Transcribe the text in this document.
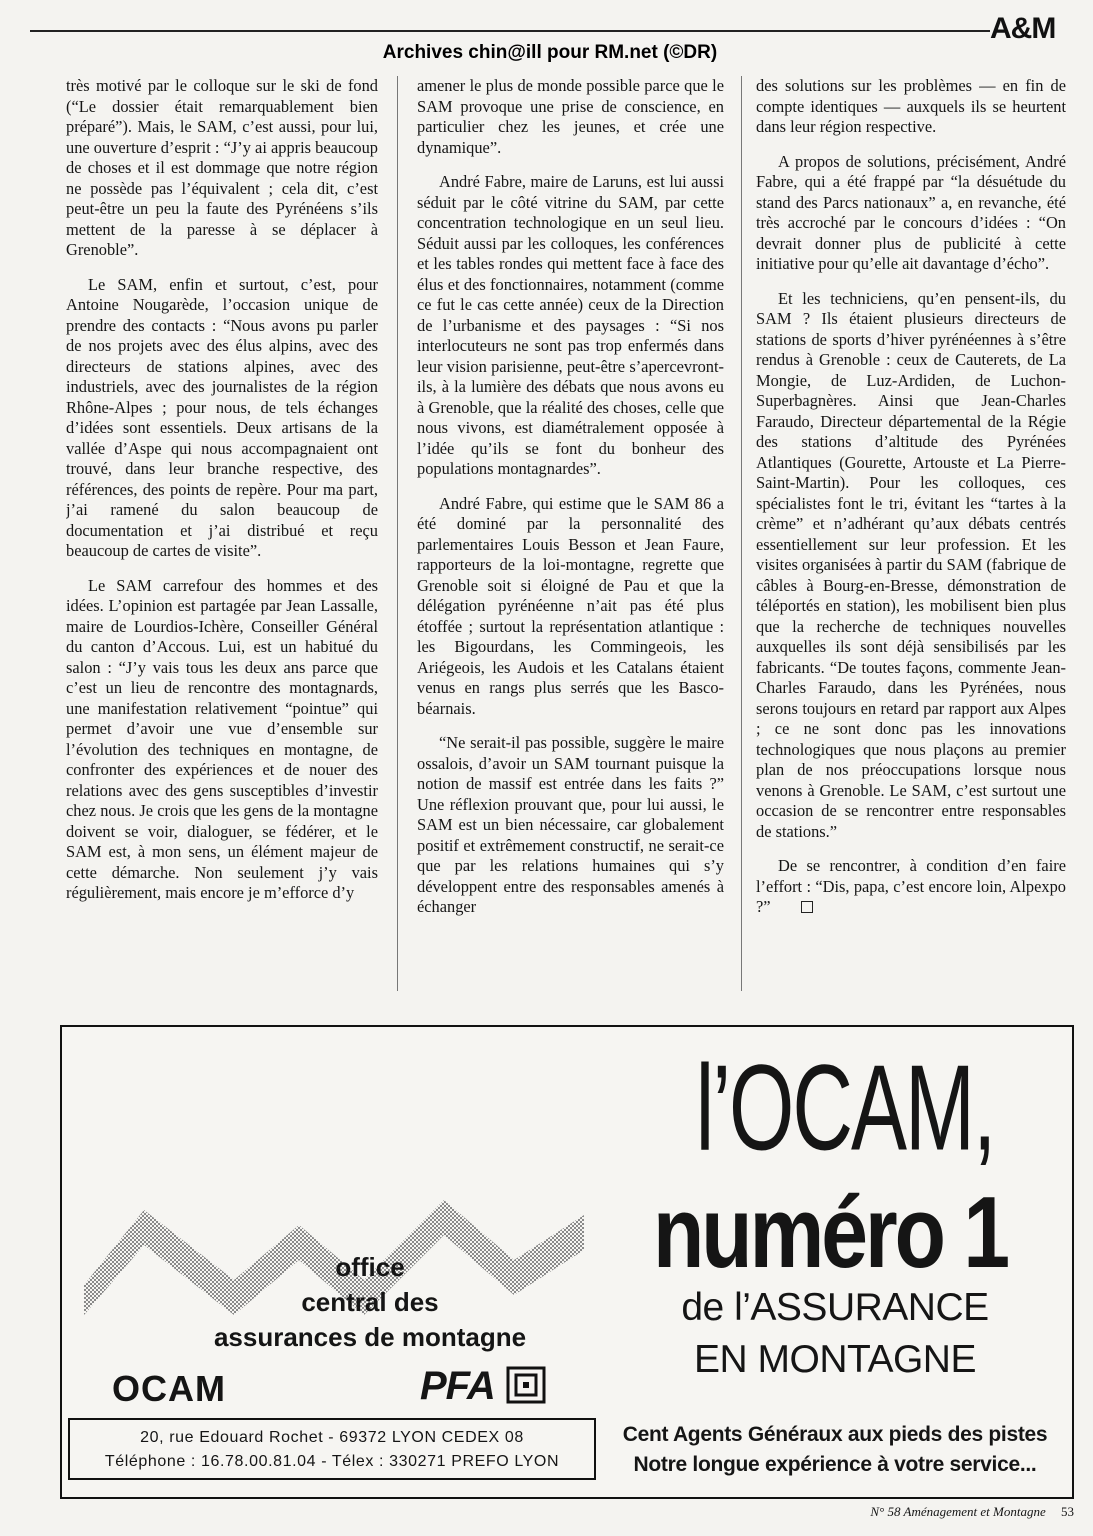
A&M
Archives chin@ill pour RM.net (©DR)

très motivé par le colloque sur le ski de fond (“Le dossier était remarquablement bien préparé”). Mais, le SAM, c’est aussi, pour lui, une ouverture d’esprit : “J’y ai appris beaucoup de choses et il est dommage que notre région ne possède pas l’équivalent ; cela dit, c’est peut-être un peu la faute des Pyrénéens s’ils mettent de la paresse à se déplacer à Grenoble”.

Le SAM, enfin et surtout, c’est, pour Antoine Nougarède, l’occasion unique de prendre des contacts : “Nous avons pu parler de nos projets avec des élus alpins, avec des directeurs de stations alpines, avec des industriels, avec des journalistes de la région Rhône-Alpes ; pour nous, de tels échanges d’idées sont essentiels. Deux artisans de la vallée d’Aspe qui nous accompagnaient ont trouvé, dans leur branche respective, des références, des points de repère. Pour ma part, j’ai ramené du salon beaucoup de documentation et j’ai distribué et reçu beaucoup de cartes de visite”.

Le SAM carrefour des hommes et des idées. L’opinion est partagée par Jean Lassalle, maire de Lourdios-Ichère, Conseiller Général du canton d’Accous. Lui, est un habitué du salon : “J’y vais tous les deux ans parce que c’est un lieu de rencontre des montagnards, une manifestation relativement “pointue” qui permet d’avoir une vue d’ensemble sur l’évolution des techniques en montagne, de confronter des expériences et de nouer des relations avec des gens susceptibles d’investir chez nous. Je crois que les gens de la montagne doivent se voir, dialoguer, se fédérer, et le SAM est, à mon sens, un élément majeur de cette démarche. Non seulement j’y vais régulièrement, mais encore je m’efforce d’y

amener le plus de monde possible parce que le SAM provoque une prise de conscience, en particulier chez les jeunes, et crée une dynamique”.

André Fabre, maire de Laruns, est lui aussi séduit par le côté vitrine du SAM, par cette concentration technologique en un seul lieu. Séduit aussi par les colloques, les conférences et les tables rondes qui mettent face à face des élus et des fonctionnaires, notamment (comme ce fut le cas cette année) ceux de la Direction de l’urbanisme et des paysages : “Si nos interlocuteurs ne sont pas trop enfermés dans leur vision parisienne, peut-être s’apercevront-ils, à la lumière des débats que nous avons eu à Grenoble, que la réalité des choses, celle que nous vivons, est diamétralement opposée à l’idée qu’ils se font du bonheur des populations montagnardes”.

André Fabre, qui estime que le SAM 86 a été dominé par la personnalité des parlementaires Louis Besson et Jean Faure, rapporteurs de la loi-montagne, regrette que Grenoble soit si éloigné de Pau et que la délégation pyrénéenne n’ait pas été plus étoffée ; surtout la représentation atlantique : les Bigourdans, les Commingeois, les Ariégeois, les Audois et les Catalans étaient venus en rangs plus serrés que les Basco-béarnais.

“Ne serait-il pas possible, suggère le maire ossalois, d’avoir un SAM tournant puisque la notion de massif est entrée dans les faits ?” Une réflexion prouvant que, pour lui aussi, le SAM est un bien nécessaire, car globalement positif et extrêmement constructif, ne serait-ce que par les relations humaines qui s’y développent entre des responsables amenés à échanger

des solutions sur les problèmes — en fin de compte identiques — auxquels ils se heurtent dans leur région respective.

A propos de solutions, précisément, André Fabre, qui a été frappé par “la désuétude du stand des Parcs nationaux” a, en revanche, été très accroché par le concours d’idées : “On devrait donner plus de publicité à cette initiative pour qu’elle ait davantage d’écho”.

Et les techniciens, qu’en pensent-ils, du SAM ? Ils étaient plusieurs directeurs de stations de sports d’hiver pyrénéennes à s’être rendus à Grenoble : ceux de Cauterets, de La Mongie, de Luz-Ardiden, de Luchon-Superbagnères. Ainsi que Jean-Charles Faraudo, Directeur départemental de la Régie des stations d’altitude des Pyrénées Atlantiques (Gourette, Artouste et La Pierre-Saint-Martin). Pour les colloques, ces spécialistes font le tri, évitant les “tartes à la crème” et n’adhérant qu’aux débats centrés essentiellement sur leur profession. Et les visites organisées à partir du SAM (fabrique de câbles à Bourg-en-Bresse, démonstration de téléportés en station), les mobilisent bien plus que la recherche de techniques nouvelles auxquelles ils sont déjà sensibilisés par les fabricants. “De toutes façons, commente Jean-Charles Faraudo, dans les Pyrénées, nous serons toujours en retard par rapport aux Alpes ; ce ne sont donc pas les innovations technologiques que nous plaçons au premier plan de nos préoccupations lorsque nous venons à Grenoble. Le SAM, c’est surtout une occasion de se rencontrer entre responsables de stations.”

De se rencontrer, à condition d’en faire l’effort : “Dis, papa, c’est encore loin, Alpexpo ?”

office
central des
assurances de montagne
OCAM	PFA
20, rue Edouard Rochet - 69372 LYON CEDEX 08
Téléphone : 16.78.00.81.04 - Télex : 330271 PREFO LYON
l’OCAM,
numéro 1
de l’ASSURANCE
EN MONTAGNE
Cent Agents Généraux aux pieds des pistes
Notre longue expérience à votre service...
N° 58 Aménagement et Montagne 53
